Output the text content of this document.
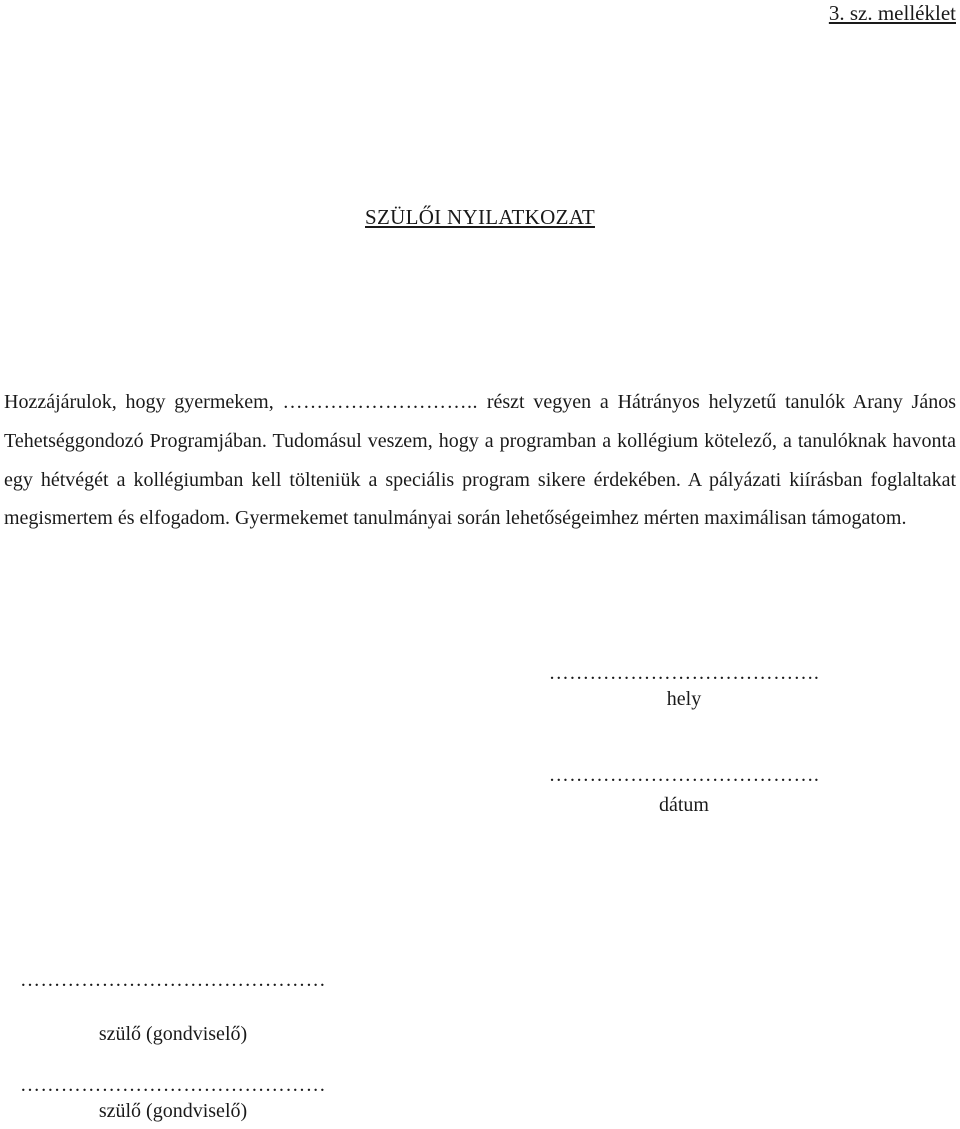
3. sz. melléklet
SZÜLŐI NYILATKOZAT

Hozzájárulok, hogy gyermekem, ……………………….. részt vegyen a Hátrányos helyzetű tanulók Arany János Tehetséggondozó Programjában. Tudomásul veszem, hogy a programban a kollégium kötelező, a tanulóknak havonta egy hétvégét a kollégiumban kell tölteniük a speciális program sikere érdekében. A pályázati kiírásban foglaltakat megismertem és elfogadom. Gyermekemet tanulmányai során lehetőségeimhez mérten maximálisan támogatom.

………………………………….
hely
………………………………….
dátum
………………………………………
szülő (gondviselő)
………………………………………
szülő (gondviselő)
